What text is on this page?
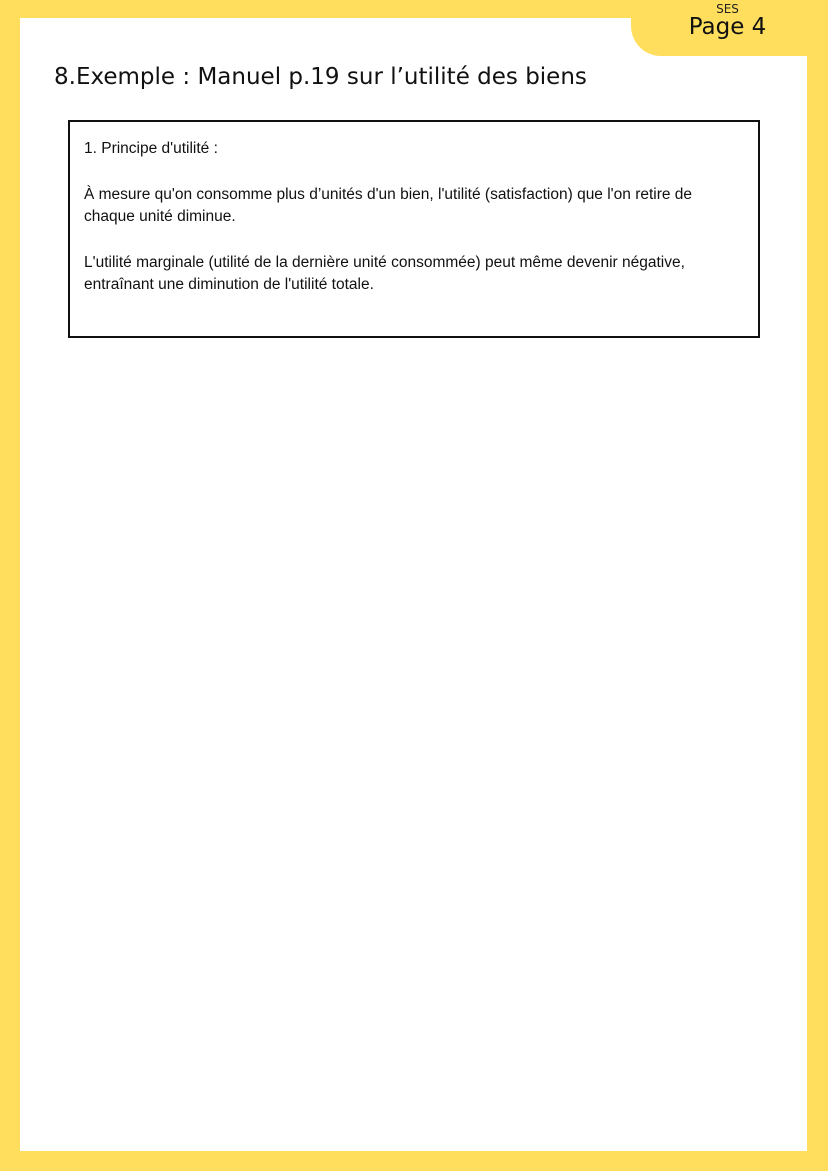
SES
Page 4
8.Exemple : Manuel p.19 sur l’utilité des biens

1. Principe d'utilité :

À mesure qu'on consomme plus d’unités d'un bien, l'utilité (satisfaction) que l'on retire de chaque unité diminue.

L'utilité marginale (utilité de la dernière unité consommée) peut même devenir négative, entraînant une diminution de l'utilité totale.
